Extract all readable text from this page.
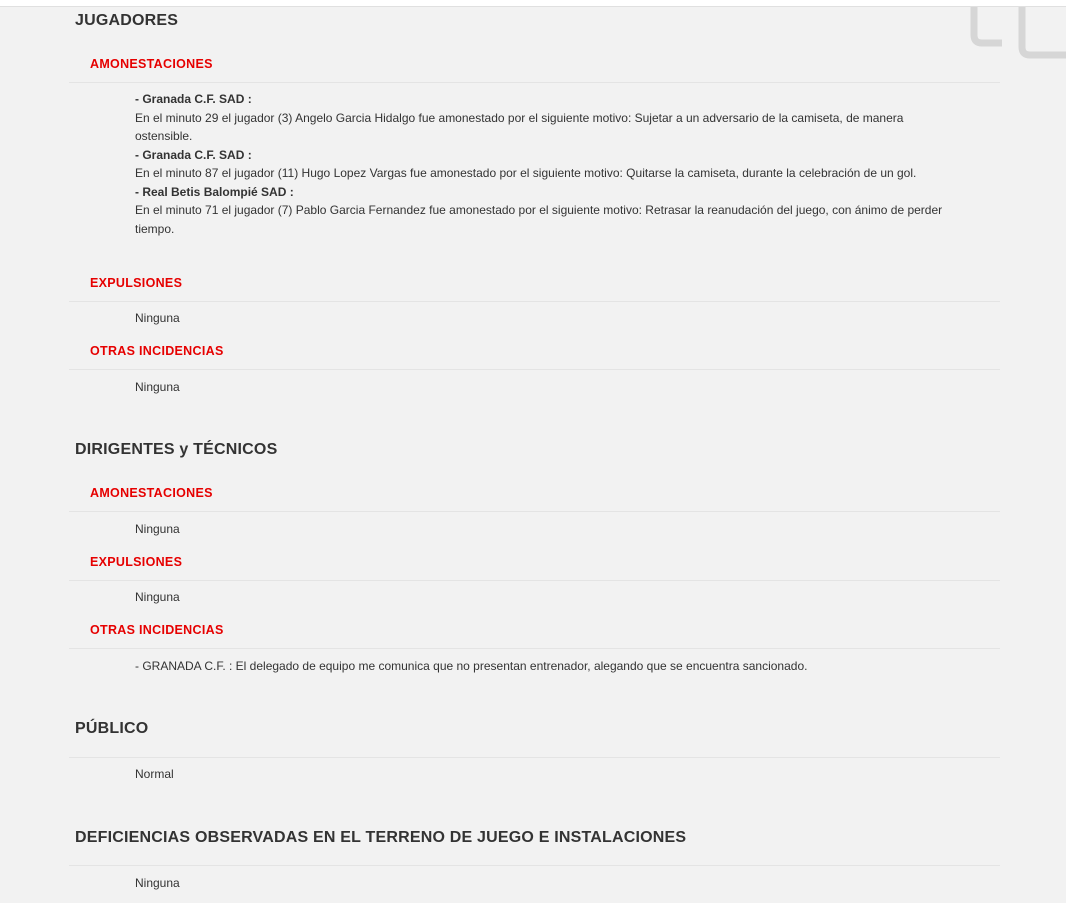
JUGADORES
AMONESTACIONES
- Granada C.F. SAD :
En el minuto 29 el jugador (3) Angelo Garcia Hidalgo fue amonestado por el siguiente motivo: Sujetar a un adversario de la camiseta, de manera ostensible.
- Granada C.F. SAD :
En el minuto 87 el jugador (11) Hugo Lopez Vargas fue amonestado por el siguiente motivo: Quitarse la camiseta, durante la celebración de un gol.
- Real Betis Balompié SAD :
En el minuto 71 el jugador (7) Pablo Garcia Fernandez fue amonestado por el siguiente motivo: Retrasar la reanudación del juego, con ánimo de perder tiempo.
EXPULSIONES
Ninguna
OTRAS INCIDENCIAS
Ninguna
DIRIGENTES y TÉCNICOS
AMONESTACIONES
Ninguna
EXPULSIONES
Ninguna
OTRAS INCIDENCIAS
- GRANADA C.F. : El delegado de equipo me comunica que no presentan entrenador, alegando que se encuentra sancionado.
PÚBLICO
Normal
DEFICIENCIAS OBSERVADAS EN EL TERRENO DE JUEGO E INSTALACIONES
Ninguna
